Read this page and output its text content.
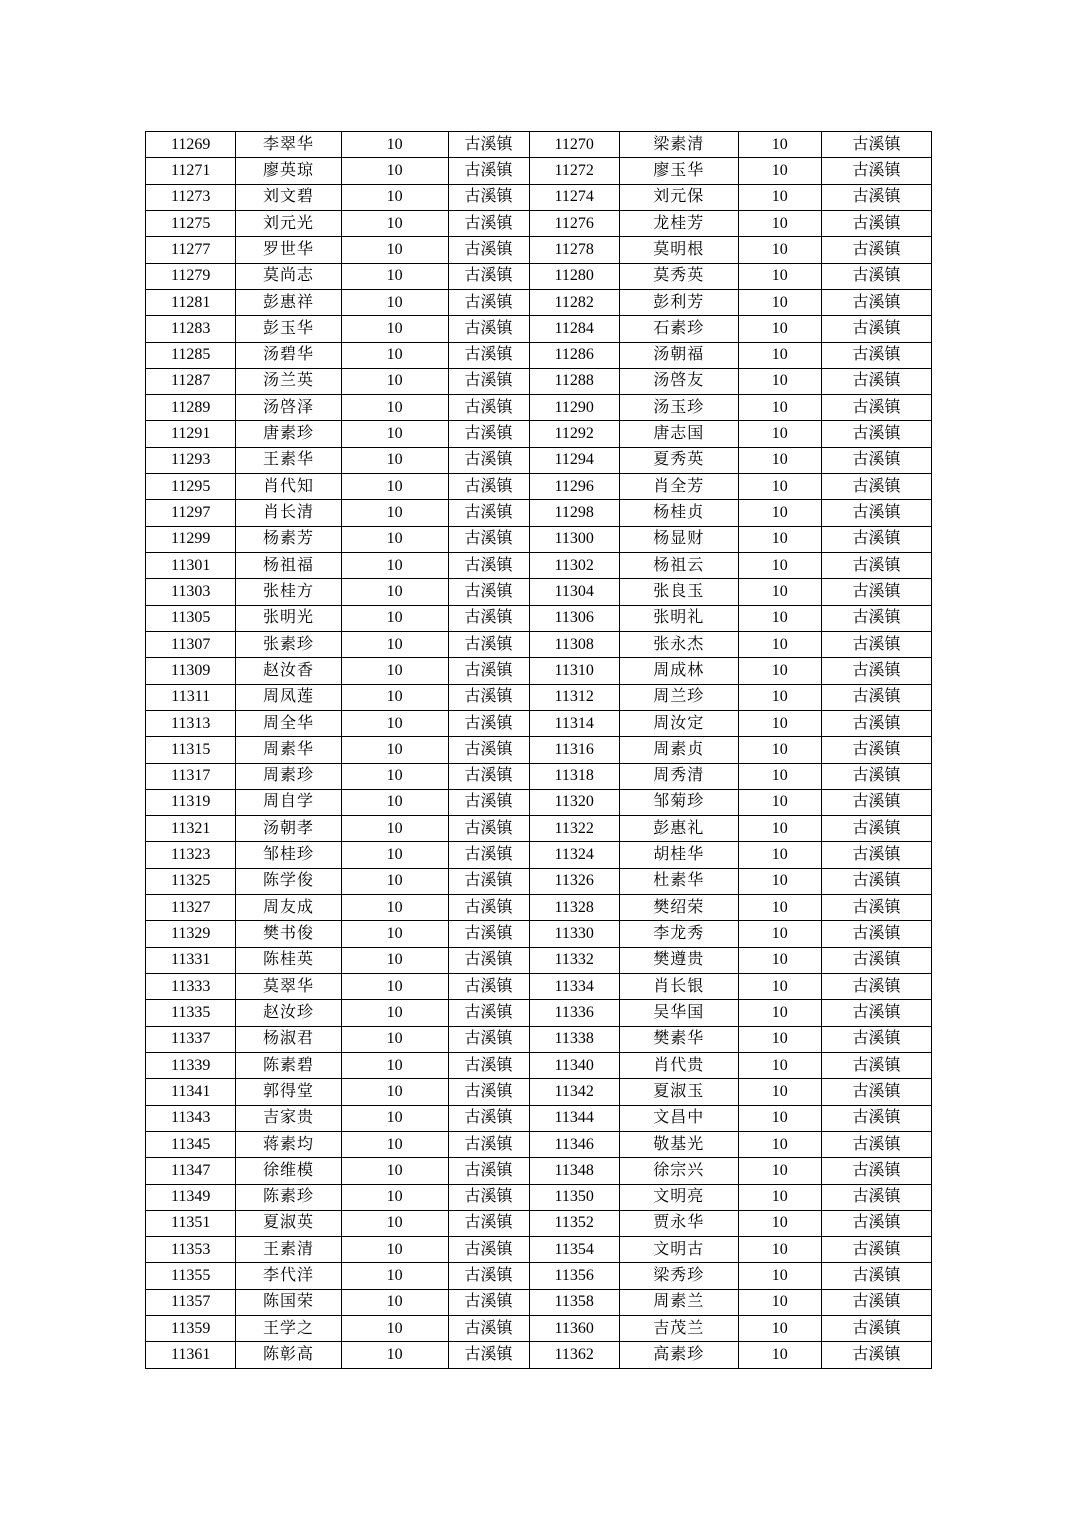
11269	李翠华	10	古溪镇	11270	梁素清	10	古溪镇
11271	廖英琼	10	古溪镇	11272	廖玉华	10	古溪镇
11273	刘文碧	10	古溪镇	11274	刘元保	10	古溪镇
11275	刘元光	10	古溪镇	11276	龙桂芳	10	古溪镇
11277	罗世华	10	古溪镇	11278	莫明根	10	古溪镇
11279	莫尚志	10	古溪镇	11280	莫秀英	10	古溪镇
11281	彭惠祥	10	古溪镇	11282	彭利芳	10	古溪镇
11283	彭玉华	10	古溪镇	11284	石素珍	10	古溪镇
11285	汤碧华	10	古溪镇	11286	汤朝福	10	古溪镇
11287	汤兰英	10	古溪镇	11288	汤啓友	10	古溪镇
11289	汤啓泽	10	古溪镇	11290	汤玉珍	10	古溪镇
11291	唐素珍	10	古溪镇	11292	唐志国	10	古溪镇
11293	王素华	10	古溪镇	11294	夏秀英	10	古溪镇
11295	肖代知	10	古溪镇	11296	肖全芳	10	古溪镇
11297	肖长清	10	古溪镇	11298	杨桂贞	10	古溪镇
11299	杨素芳	10	古溪镇	11300	杨显财	10	古溪镇
11301	杨祖福	10	古溪镇	11302	杨祖云	10	古溪镇
11303	张桂方	10	古溪镇	11304	张良玉	10	古溪镇
11305	张明光	10	古溪镇	11306	张明礼	10	古溪镇
11307	张素珍	10	古溪镇	11308	张永杰	10	古溪镇
11309	赵汝香	10	古溪镇	11310	周成林	10	古溪镇
11311	周凤莲	10	古溪镇	11312	周兰珍	10	古溪镇
11313	周全华	10	古溪镇	11314	周汝定	10	古溪镇
11315	周素华	10	古溪镇	11316	周素贞	10	古溪镇
11317	周素珍	10	古溪镇	11318	周秀清	10	古溪镇
11319	周自学	10	古溪镇	11320	邹菊珍	10	古溪镇
11321	汤朝孝	10	古溪镇	11322	彭惠礼	10	古溪镇
11323	邹桂珍	10	古溪镇	11324	胡桂华	10	古溪镇
11325	陈学俊	10	古溪镇	11326	杜素华	10	古溪镇
11327	周友成	10	古溪镇	11328	樊绍荣	10	古溪镇
11329	樊书俊	10	古溪镇	11330	李龙秀	10	古溪镇
11331	陈桂英	10	古溪镇	11332	樊遵贵	10	古溪镇
11333	莫翠华	10	古溪镇	11334	肖长银	10	古溪镇
11335	赵汝珍	10	古溪镇	11336	吴华国	10	古溪镇
11337	杨淑君	10	古溪镇	11338	樊素华	10	古溪镇
11339	陈素碧	10	古溪镇	11340	肖代贵	10	古溪镇
11341	郭得堂	10	古溪镇	11342	夏淑玉	10	古溪镇
11343	吉家贵	10	古溪镇	11344	文昌中	10	古溪镇
11345	蒋素均	10	古溪镇	11346	敬基光	10	古溪镇
11347	徐维模	10	古溪镇	11348	徐宗兴	10	古溪镇
11349	陈素珍	10	古溪镇	11350	文明亮	10	古溪镇
11351	夏淑英	10	古溪镇	11352	贾永华	10	古溪镇
11353	王素清	10	古溪镇	11354	文明古	10	古溪镇
11355	李代洋	10	古溪镇	11356	梁秀珍	10	古溪镇
11357	陈国荣	10	古溪镇	11358	周素兰	10	古溪镇
11359	王学之	10	古溪镇	11360	吉茂兰	10	古溪镇
11361	陈彰高	10	古溪镇	11362	高素珍	10	古溪镇
